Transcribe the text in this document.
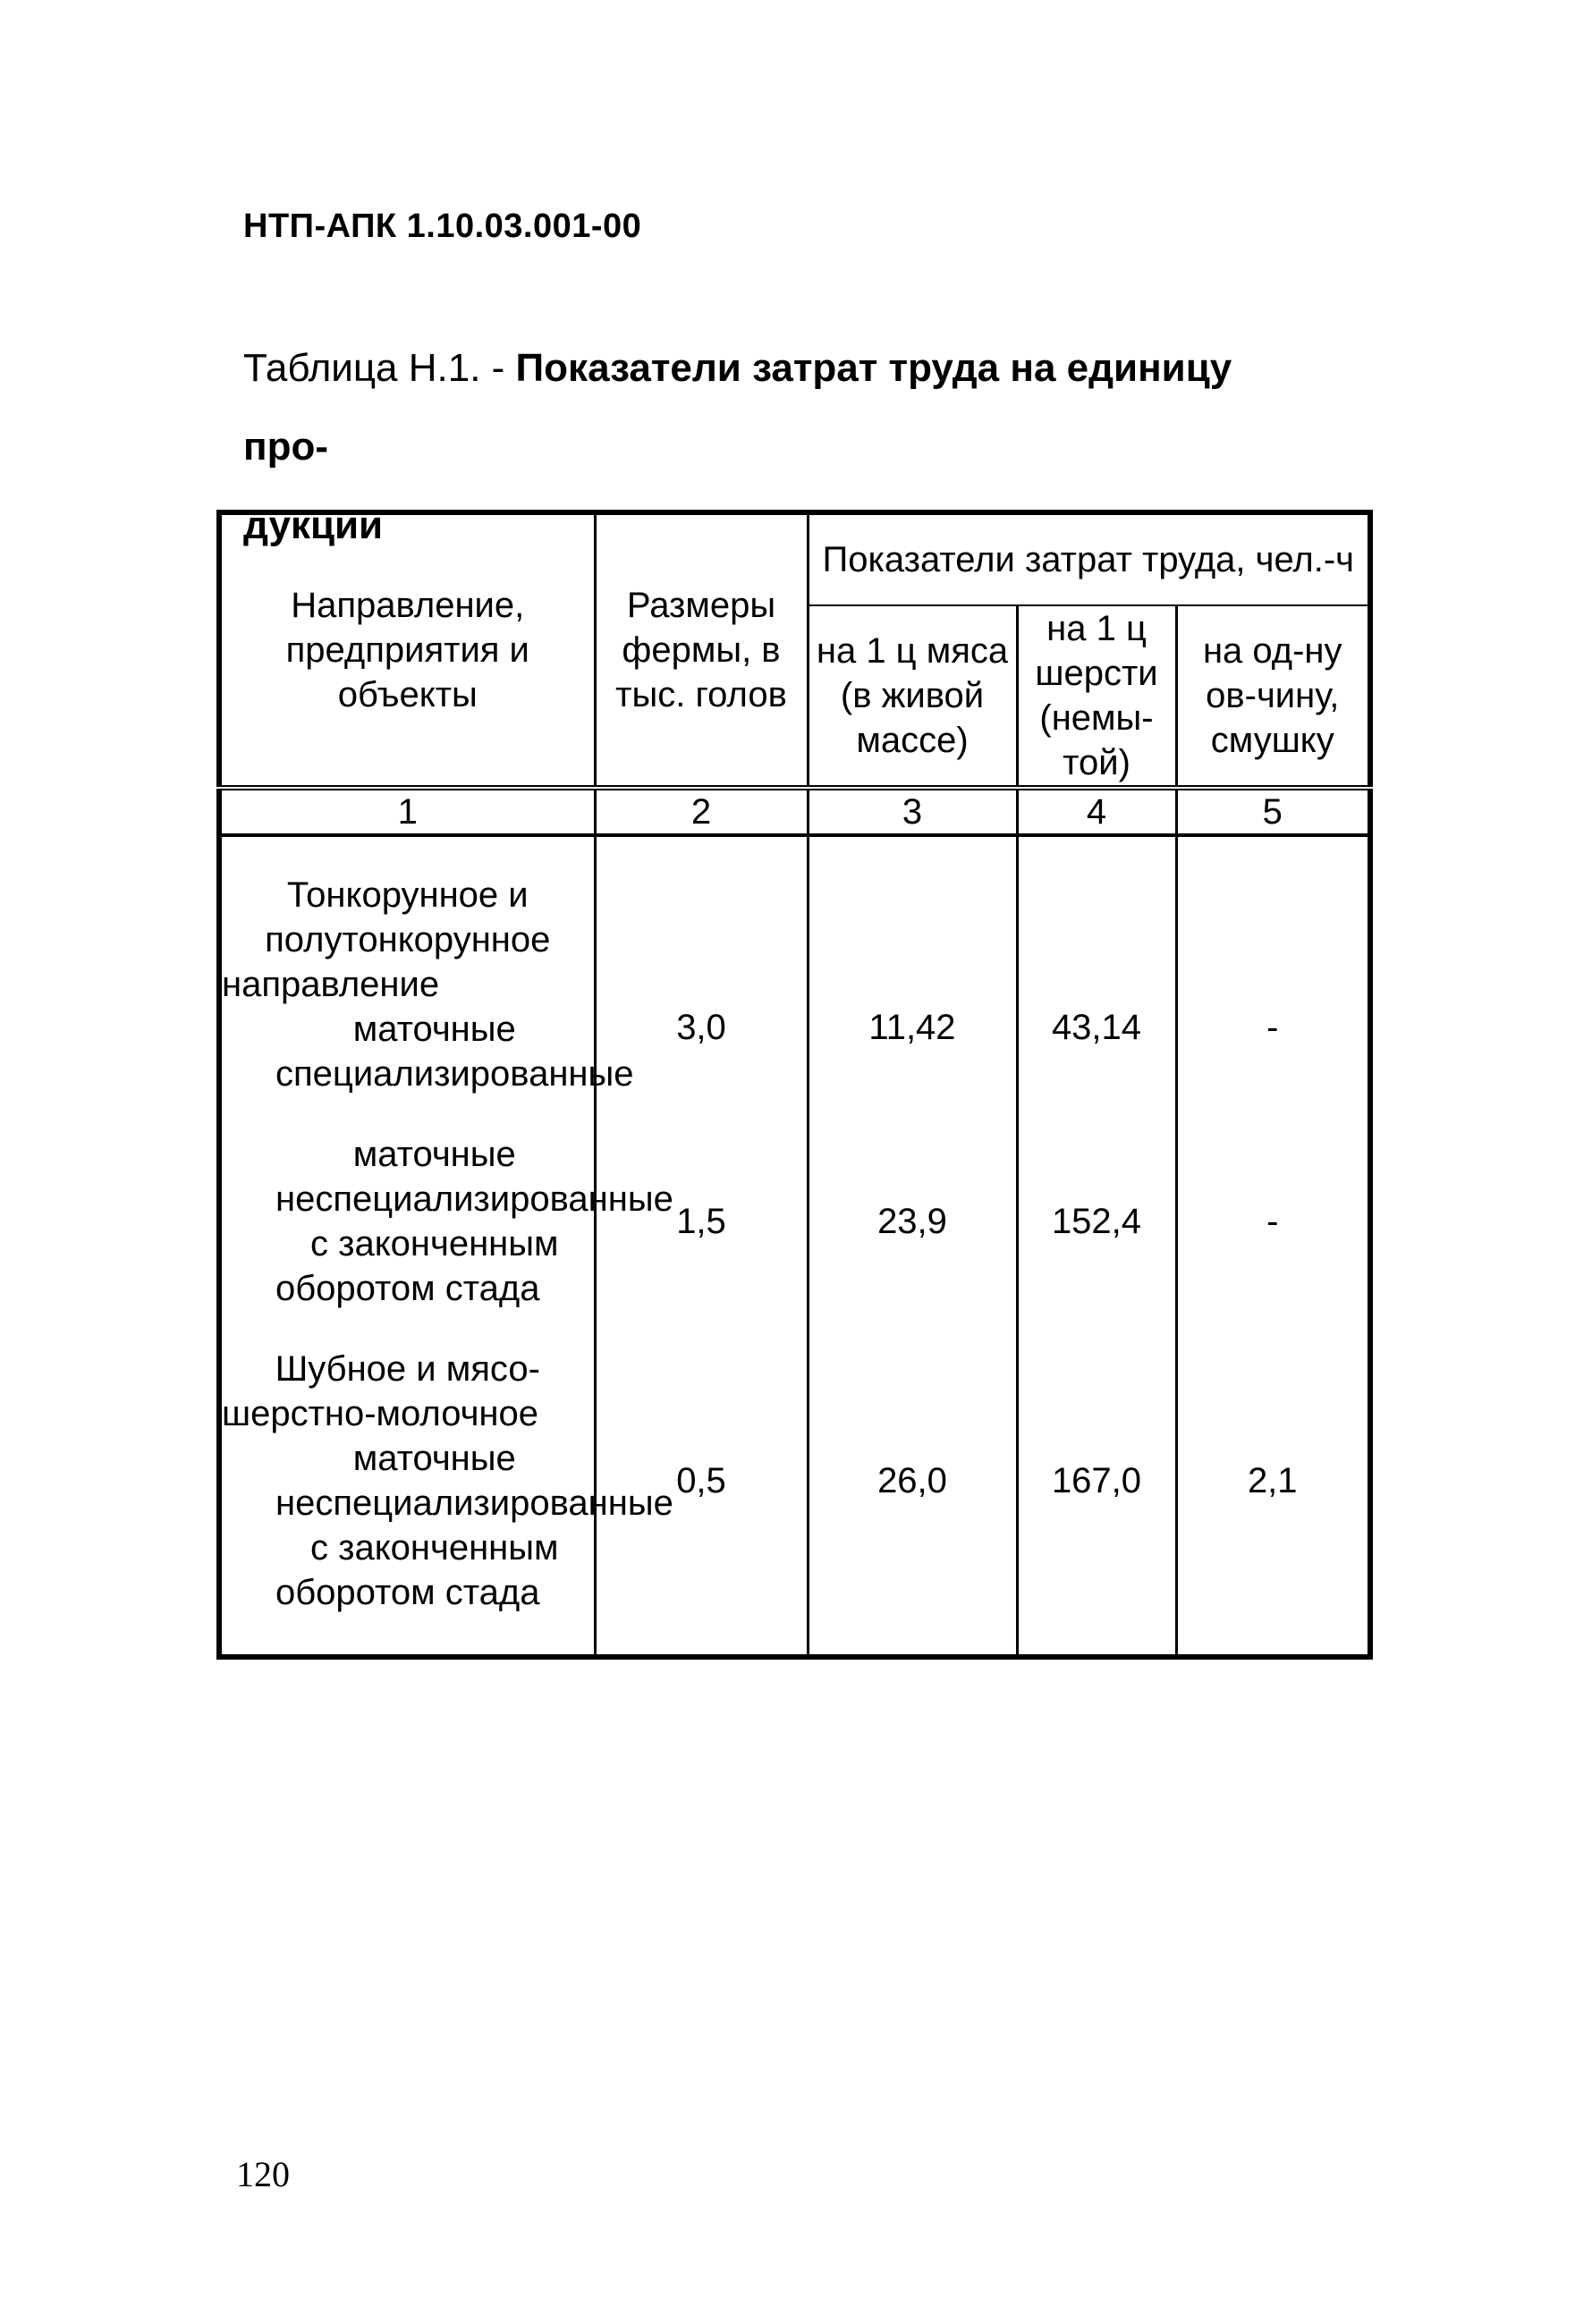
НТП-АПК 1.10.03.001-00
Таблица Н.1. - Показатели затрат труда на единицу про-
дукции
Направление, предприятия и объекты	Размеры фермы, в тыс. голов	Показатели затрат труда, чел.-ч		
		на 1 ц мяса (в живой массе)	на 1 ц шерсти (немы-той)	на од-ну ов-чину, смушку
1	2	3	4	5

Тонкорунное и полутонкорунное направление
маточные специализированные	3,0	11,42	43,14	-

маточные неспециализированные с законченным оборотом стада	1,5	23,9	152,4	-

Шубное и мясо-шерстно-молочное
маточные неспециализированные с законченным оборотом стада	0,5	26,0	167,0	2,1

120
